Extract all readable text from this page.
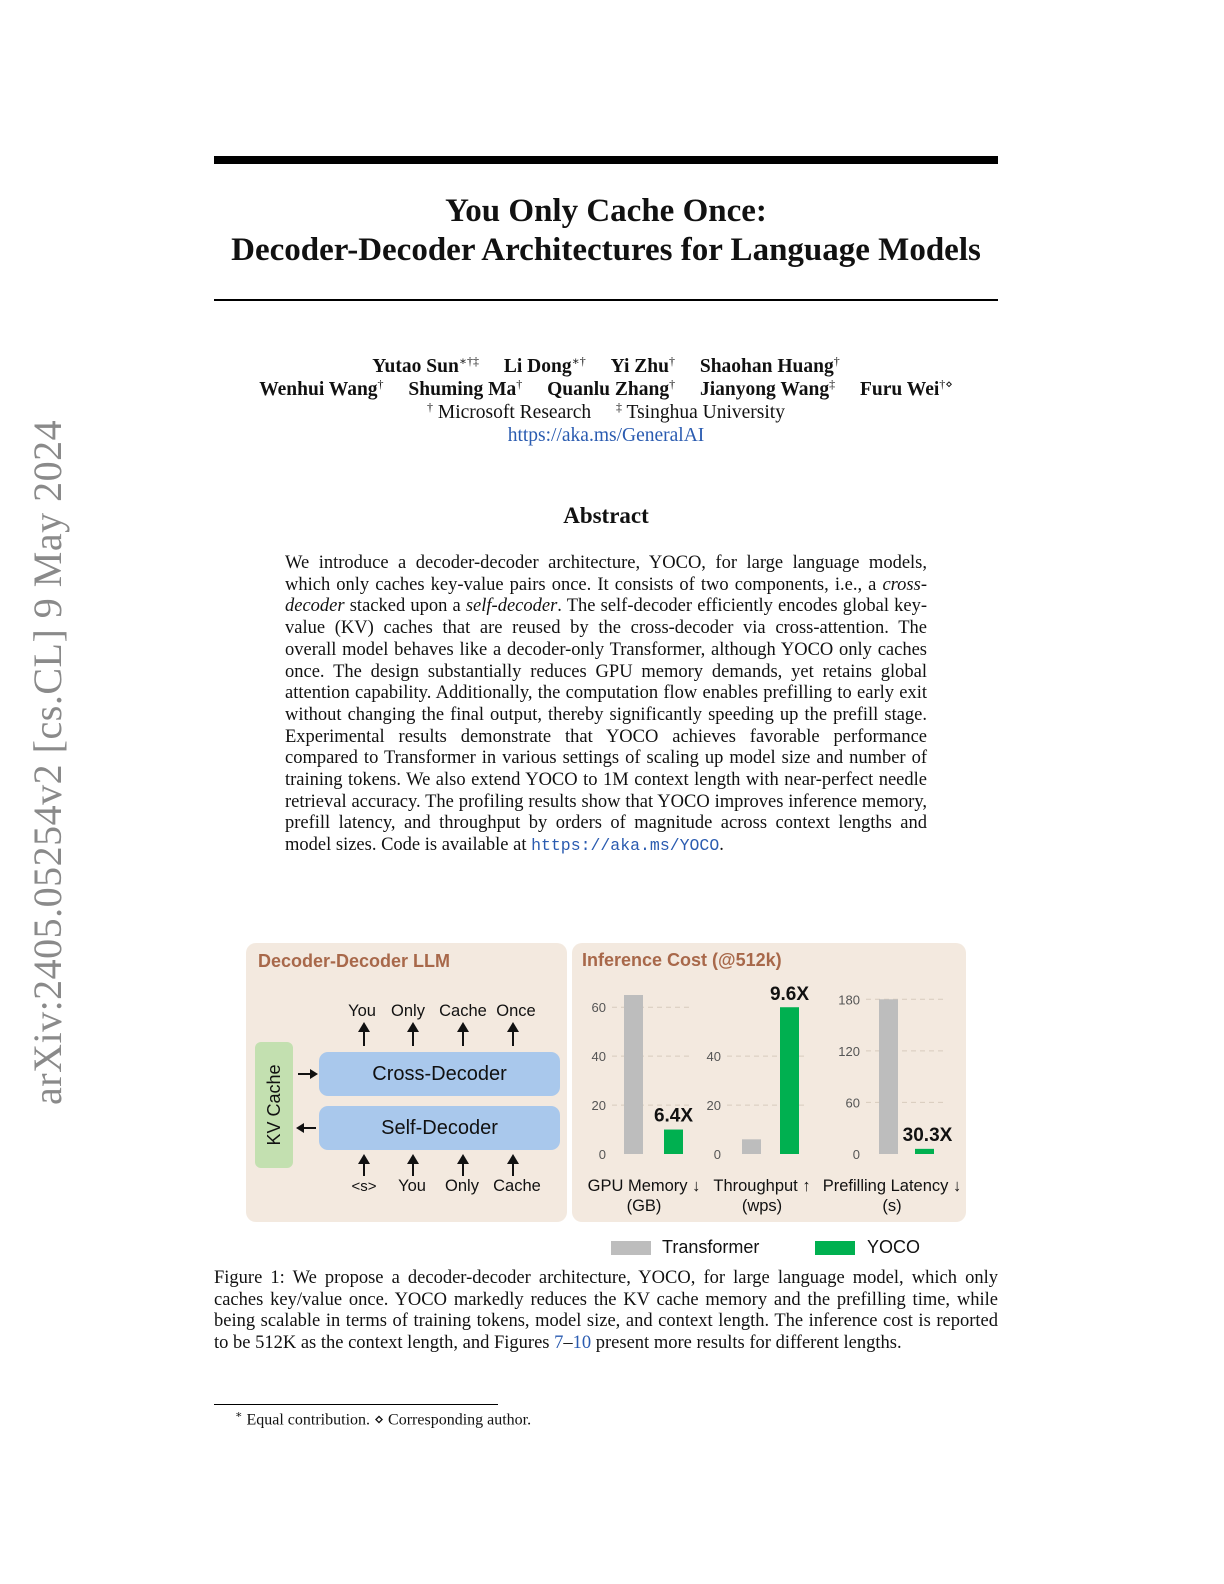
arXiv:2405.05254v2 [cs.CL] 9 May 2024
You Only Cache Once:
Decoder-Decoder Architectures for Language Models
Yutao Sun∗†‡ Li Dong∗† Yi Zhu† Shaohan Huang†
Wenhui Wang† Shuming Ma† Quanlu Zhang† Jianyong Wang‡ Furu Wei†⋄
† Microsoft Research ‡ Tsinghua University
https://aka.ms/GeneralAI
Abstract
We introduce a decoder-decoder architecture, YOCO, for large language models, which only caches key-value pairs once. It consists of two components, i.e., a cross-decoder stacked upon a self-decoder. The self-decoder efficiently encodes global key-value (KV) caches that are reused by the cross-decoder via cross-attention. The overall model behaves like a decoder-only Transformer, although YOCO only caches once. The design substantially reduces GPU memory demands, yet retains global attention capability. Additionally, the computation flow enables prefilling to early exit without changing the final output, thereby significantly speeding up the prefill stage. Experimental results demonstrate that YOCO achieves favorable performance compared to Transformer in various settings of scaling up model size and number of training tokens. We also extend YOCO to 1M context length with near-perfect needle retrieval accuracy. The profiling results show that YOCO improves inference memory, prefill latency, and throughput by orders of magnitude across context lengths and model sizes. Code is available at https://aka.ms/YOCO.
Decoder-Decoder LLM
KV Cache	Cross-Decoder
Self-Decoder
You Only Cache Once
<s>	You	Only Cache
Inference Cost (@512k)
0
20
40
60
6.4X
GPU Memory ↓
(GB)
0
20
40
9.6X
Throughput ↑
(wps)
0
60
120
180
30.3X
Prefilling Latency ↓
(s)
Transformer	YOCO
Figure 1: We propose a decoder-decoder architecture, YOCO, for large language model, which only caches key/value once. YOCO markedly reduces the KV cache memory and the prefilling time, while being scalable in terms of training tokens, model size, and context length. The inference cost is reported to be 512K as the context length, and Figures 7–10 present more results for different lengths.
∗ Equal contribution. ⋄ Corresponding author.
